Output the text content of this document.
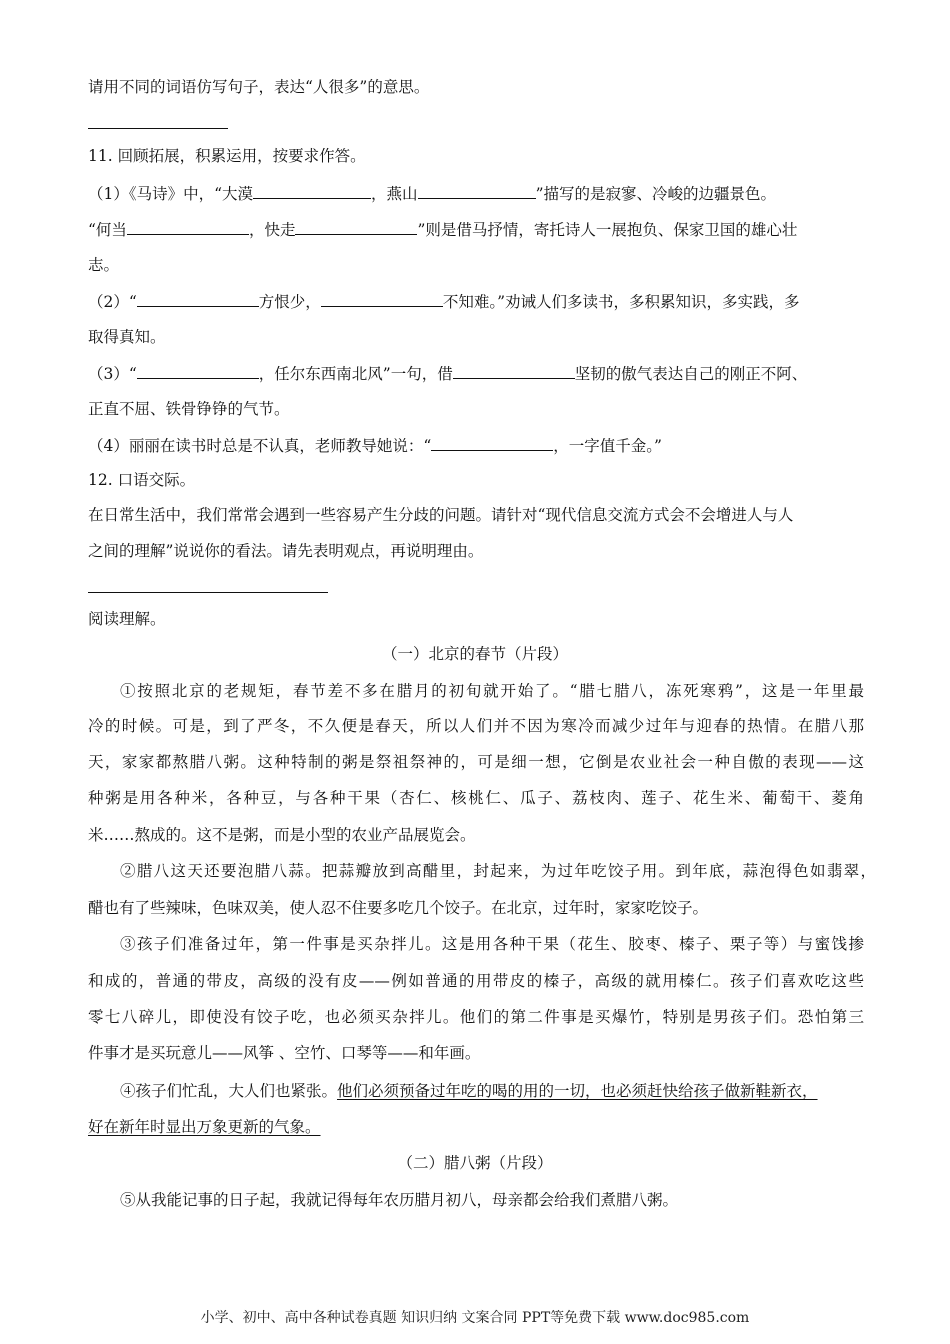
请用不同的词语仿写句子，表达“人很多”的意思。
11. 回顾拓展，积累运用，按要求作答。
（1）《马诗》中，“大漠	，燕山	”描写的是寂寥、冷峻的边疆景色。
“何当	，快走	”则是借马抒情，寄托诗人一展抱负、保家卫国的雄心壮
志。
（2）“	方恨少，	不知难。”劝诫人们多读书，多积累知识，多实践，多
取得真知。
（3）“	，任尔东西南北风”一句，借	坚韧的傲气表达自己的刚正不阿、
正直不屈、铁骨铮铮的气节。
（4）丽丽在读书时总是不认真，老师教导她说：“	，一字值千金。”
12. 口语交际。
在日常生活中，我们常常会遇到一些容易产生分歧的问题。请针对“现代信息交流方式会不会增进人与人
之间的理解”说说你的看法。请先表明观点，再说明理由。
阅读理解。
（一）北京的春节（片段）
①按照北京的老规矩，春节差不多在腊月的初旬就开始了。“腊七腊八，冻死寒鸦”，这是一年里最
冷的时候。可是，到了严冬，不久便是春天，所以人们并不因为寒冷而减少过年与迎春的热情。在腊八那
天，家家都熬腊八粥。这种特制的粥是祭祖祭神的，可是细一想，它倒是农业社会一种自傲的表现——这
种粥是用各种米，各种豆，与各种干果（杏仁、核桃仁、瓜子、荔枝肉、莲子、花生米、葡萄干、菱角
米……熬成的。这不是粥，而是小型的农业产品展览会。
②腊八这天还要泡腊八蒜。把蒜瓣放到高醋里，封起来，为过年吃饺子用。到年底，蒜泡得色如翡翠，
醋也有了些辣味，色味双美，使人忍不住要多吃几个饺子。在北京，过年时，家家吃饺子。
③孩子们准备过年，第一件事是买杂拌儿。这是用各种干果（花生、胶枣、榛子、栗子等）与蜜饯掺
和成的，普通的带皮，高级的没有皮——例如普通的用带皮的榛子，高级的就用榛仁。孩子们喜欢吃这些
零七八碎儿，即使没有饺子吃，也必须买杂拌儿。他们的第二件事是买爆竹，特别是男孩子们。恐怕第三
件事才是买玩意儿——风筝 、空竹、口琴等——和年画。
④孩子们忙乱，大人们也紧张。他们必须预备过年吃的喝的用的一切，也必须赶快给孩子做新鞋新衣，
好在新年时显出万象更新的气象。
（二）腊八粥（片段）
⑤从我能记事的日子起，我就记得每年农历腊月初八，母亲都会给我们煮腊八粥。
小学、初中、高中各种试卷真题 知识归纳 文案合同 PPT等免费下载 www.doc985.com
